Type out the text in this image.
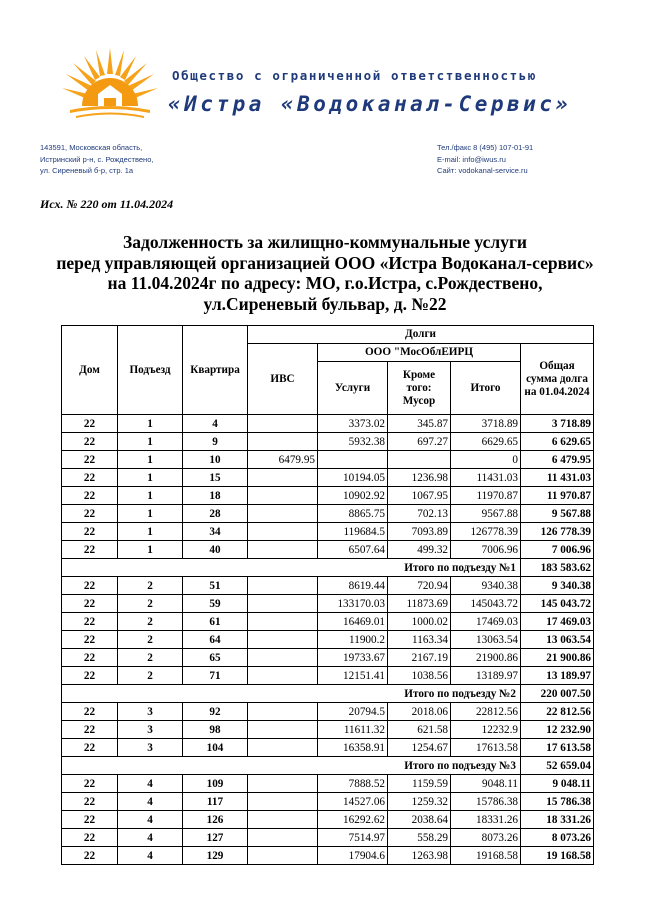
Общество с ограниченной ответственностью
«Истра «Водоканал-Сервис»
143591, Московская область,
Истринский р-н, с. Рождествено,
ул. Сиреневый б-р, стр. 1а
Тел./факс 8 (495) 107-01-91
E-mail: info@iwus.ru
Сайт: vodokanal-service.ru
Исх. № 220 от 11.04.2024
Задолженность за жилищно-коммунальные услуги
перед управляющей организацией ООО «Истра Водоканал-сервис»
на 11.04.2024г по адресу: МО, г.о.Истра, с.Рождествено,
ул.Сиреневый бульвар, д. №22
Дом	Подъезд	Квартира	Долги				
			ИВС	ООО "МосОблЕИРЦ			Общая сумма долга на 01.04.2024
				Услуги	Кроме того: Мусор	Итого	
22	1	4		3373.02	345.87	3718.89	3 718.89
22	1	9		5932.38	697.27	6629.65	6 629.65
22	1	10	6479.95			0	6 479.95
22	1	15		10194.05	1236.98	11431.03	11 431.03
22	1	18		10902.92	1067.95	11970.87	11 970.87
22	1	28		8865.75	702.13	9567.88	9 567.88
22	1	34		119684.5	7093.89	126778.39	126 778.39
22	1	40		6507.64	499.32	7006.96	7 006.96
Итого по подъезду №1							183 583.62
22	2	51		8619.44	720.94	9340.38	9 340.38
22	2	59		133170.03	11873.69	145043.72	145 043.72
22	2	61		16469.01	1000.02	17469.03	17 469.03
22	2	64		11900.2	1163.34	13063.54	13 063.54
22	2	65		19733.67	2167.19	21900.86	21 900.86
22	2	71		12151.41	1038.56	13189.97	13 189.97
Итого по подъезду №2							220 007.50
22	3	92		20794.5	2018.06	22812.56	22 812.56
22	3	98		11611.32	621.58	12232.9	12 232.90
22	3	104		16358.91	1254.67	17613.58	17 613.58
Итого по подъезду №3							52 659.04
22	4	109		7888.52	1159.59	9048.11	9 048.11
22	4	117		14527.06	1259.32	15786.38	15 786.38
22	4	126		16292.62	2038.64	18331.26	18 331.26
22	4	127		7514.97	558.29	8073.26	8 073.26
22	4	129		17904.6	1263.98	19168.58	19 168.58
